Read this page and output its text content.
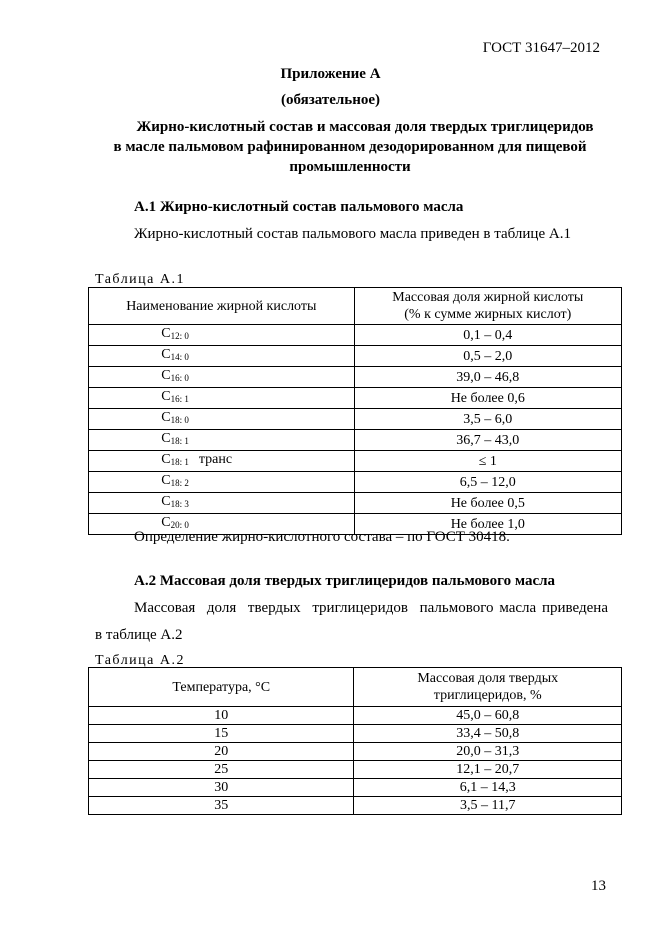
ГОСТ 31647–2012
Приложение А
(обязательное)
Жирно-кислотный состав и массовая доля твердых триглицеридов
в масле пальмовом рафинированном дезодорированном для пищевой
промышленности
А.1 Жирно-кислотный состав пальмового масла
Жирно-кислотный состав пальмового масла приведен в таблице А.1
Таблица А.1
Наименование жирной кислоты	Массовая доля жирной кислоты
(% к сумме жирных кислот)

$C_{12: 0}$	0,1 – 0,4
$C_{14: 0}$	0,5 – 2,0
$C_{16: 0}$	39,0 – 46,8
$C_{16: 1}$	Не более 0,6
$C_{18: 0}$	3,5 – 6,0
$C_{18: 1}$	36,7 – 43,0
$C_{18: 1}$ транс	≤ 1
$C_{18: 2}$	6,5 – 12,0
$C_{18: 3}$	Не более 0,5
$C_{20: 0}$	Не более 1,0
Определение жирно-кислотного состава – по ГОСТ 30418.
А.2 Массовая доля твердых триглицеридов пальмового масла
Массовая  доля  твердых  триглицеридов  пальмового масла приведена
в таблице А.2
Таблица А.2
Температура, °С	Массовая доля твердых
триглицеридов, %

10	45,0 – 60,8
15	33,4 – 50,8
20	20,0 – 31,3
25	12,1 – 20,7
30	6,1 – 14,3
35	3,5 – 11,7
13
